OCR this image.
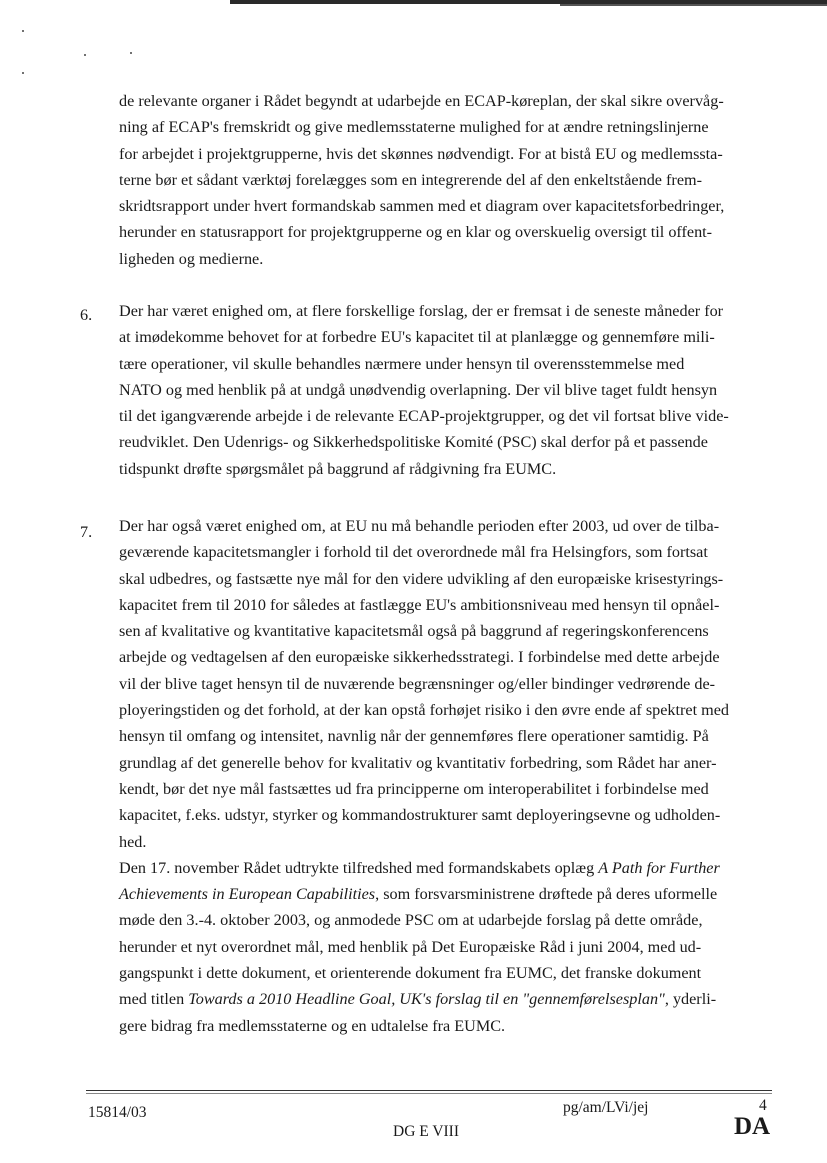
de relevante organer i Rådet begyndt at udarbejde en ECAP-køreplan, der skal sikre overvåg-
ning af ECAP's fremskridt og give medlemsstaterne mulighed for at ændre retningslinjerne
for arbejdet i projektgrupperne, hvis det skønnes nødvendigt. For at bistå EU og medlemssta-
terne bør et sådant værktøj forelægges som en integrerende del af den enkeltstående frem-
skridtsrapport under hvert formandskab sammen med et diagram over kapacitetsforbedringer,
herunder en statusrapport for projektgrupperne og en klar og overskuelig oversigt til offent-
ligheden og medierne.
6. Der har været enighed om, at flere forskellige forslag, der er fremsat i de seneste måneder for
at imødekomme behovet for at forbedre EU's kapacitet til at planlægge og gennemføre mili-
tære operationer, vil skulle behandles nærmere under hensyn til overensstemmelse med
NATO og med henblik på at undgå unødvendig overlapning. Der vil blive taget fuldt hensyn
til det igangværende arbejde i de relevante ECAP-projektgrupper, og det vil fortsat blive vide-
reudviklet. Den Udenrigs- og Sikkerhedspolitiske Komité (PSC) skal derfor på et passende
tidspunkt drøfte spørgsmålet på baggrund af rådgivning fra EUMC.
7. Der har også været enighed om, at EU nu må behandle perioden efter 2003, ud over de tilba-
geværende kapacitetsmangler i forhold til det overordnede mål fra Helsingfors, som fortsat
skal udbedres, og fastsætte nye mål for den videre udvikling af den europæiske krisestyrings-
kapacitet frem til 2010 for således at fastlægge EU's ambitionsniveau med hensyn til opnåel-
sen af kvalitative og kvantitative kapacitetsmål også på baggrund af regeringskonferencens
arbejde og vedtagelsen af den europæiske sikkerhedsstrategi. I forbindelse med dette arbejde
vil der blive taget hensyn til de nuværende begrænsninger og/eller bindinger vedrørende de-
ployeringstiden og det forhold, at der kan opstå forhøjet risiko i den øvre ende af spektret med
hensyn til omfang og intensitet, navnlig når der gennemføres flere operationer samtidig. På
grundlag af det generelle behov for kvalitativ og kvantitativ forbedring, som Rådet har aner-
kendt, bør det nye mål fastsættes ud fra principperne om interoperabilitet i forbindelse med
kapacitet, f.eks. udstyr, styrker og kommandostrukturer samt deployeringsevne og udholden-
hed.
Den 17. november Rådet udtrykte tilfredshed med formandskabets oplæg A Path for Further
Achievements in European Capabilities, som forsvarsministrene drøftede på deres uformelle
møde den 3.-4. oktober 2003, og anmodede PSC om at udarbejde forslag på dette område,
herunder et nyt overordnet mål, med henblik på Det Europæiske Råd i juni 2004, med ud-
gangspunkt i dette dokument, et orienterende dokument fra EUMC, det franske dokument
med titlen Towards a 2010 Headline Goal, UK's forslag til en "gennemførelsesplan", yderli-
gere bidrag fra medlemsstaterne og en udtalelse fra EUMC.
15814/03	pg/am/LVi/jej	4
DG E VIII	DA
